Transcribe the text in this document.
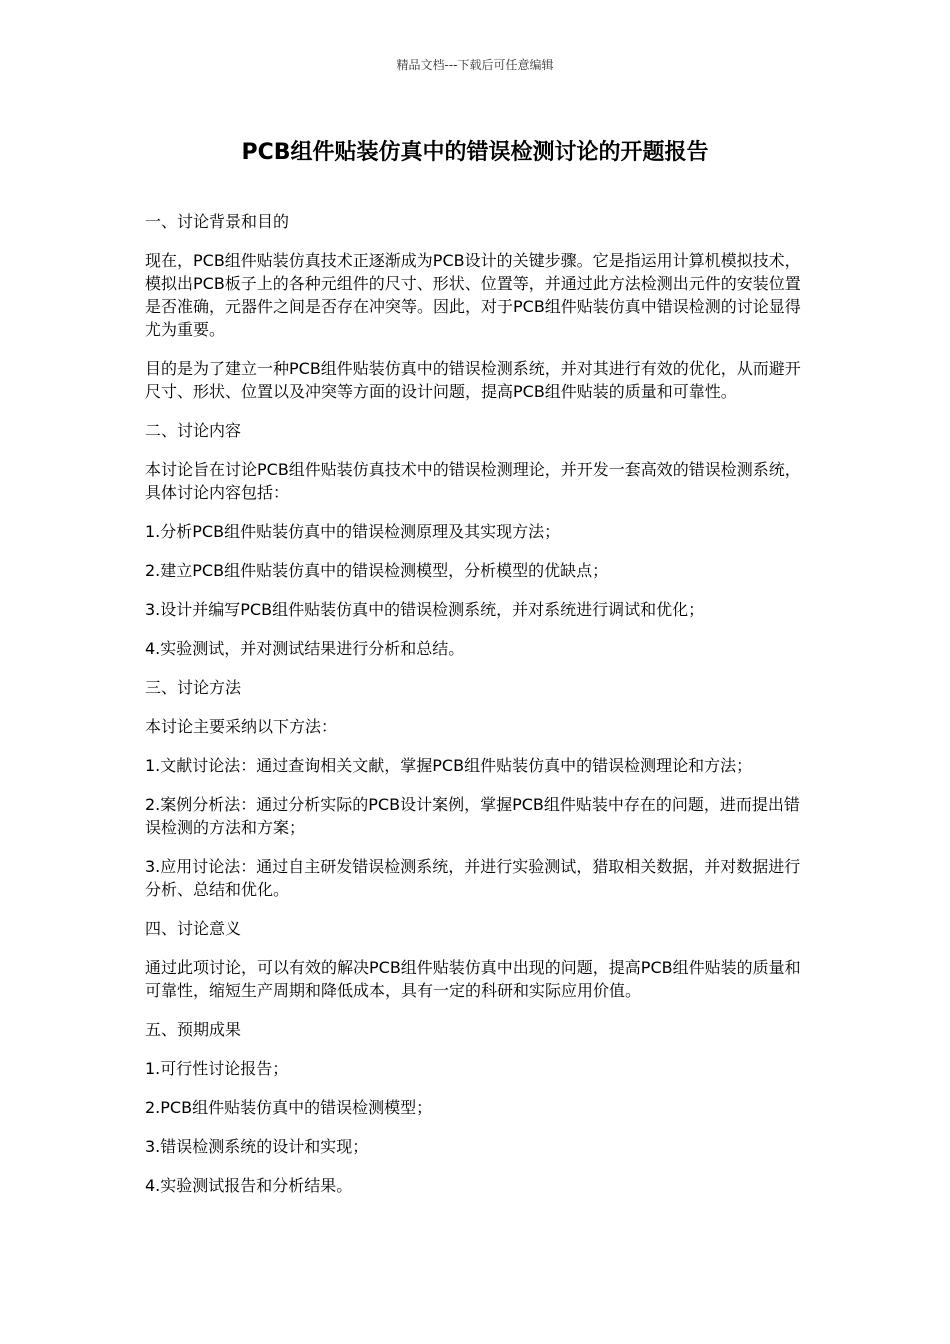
精品文档---下载后可任意编辑
PCB组件贴装仿真中的错误检测讨论的开题报告

一、讨论背景和目的

现在，PCB组件贴装仿真技术正逐渐成为PCB设计的关键步骤。它是指运用计算机模拟技术，模拟出PCB板子上的各种元组件的尺寸、形状、位置等，并通过此方法检测出元件的安装位置是否准确，元器件之间是否存在冲突等。因此，对于PCB组件贴装仿真中错误检测的讨论显得尤为重要。

目的是为了建立一种PCB组件贴装仿真中的错误检测系统，并对其进行有效的优化，从而避开尺寸、形状、位置以及冲突等方面的设计问题，提高PCB组件贴装的质量和可靠性。

二、讨论内容

本讨论旨在讨论PCB组件贴装仿真技术中的错误检测理论，并开发一套高效的错误检测系统，具体讨论内容包括：

1.分析PCB组件贴装仿真中的错误检测原理及其实现方法；

2.建立PCB组件贴装仿真中的错误检测模型，分析模型的优缺点；

3.设计并编写PCB组件贴装仿真中的错误检测系统，并对系统进行调试和优化；

4.实验测试，并对测试结果进行分析和总结。

三、讨论方法

本讨论主要采纳以下方法：

1.文献讨论法：通过查询相关文献，掌握PCB组件贴装仿真中的错误检测理论和方法；

2.案例分析法：通过分析实际的PCB设计案例，掌握PCB组件贴装中存在的问题，进而提出错误检测的方法和方案；

3.应用讨论法：通过自主研发错误检测系统，并进行实验测试，猎取相关数据，并对数据进行分析、总结和优化。

四、讨论意义

通过此项讨论，可以有效的解决PCB组件贴装仿真中出现的问题，提高PCB组件贴装的质量和可靠性，缩短生产周期和降低成本，具有一定的科研和实际应用价值。

五、预期成果

1.可行性讨论报告；

2.PCB组件贴装仿真中的错误检测模型；

3.错误检测系统的设计和实现；

4.实验测试报告和分析结果。
